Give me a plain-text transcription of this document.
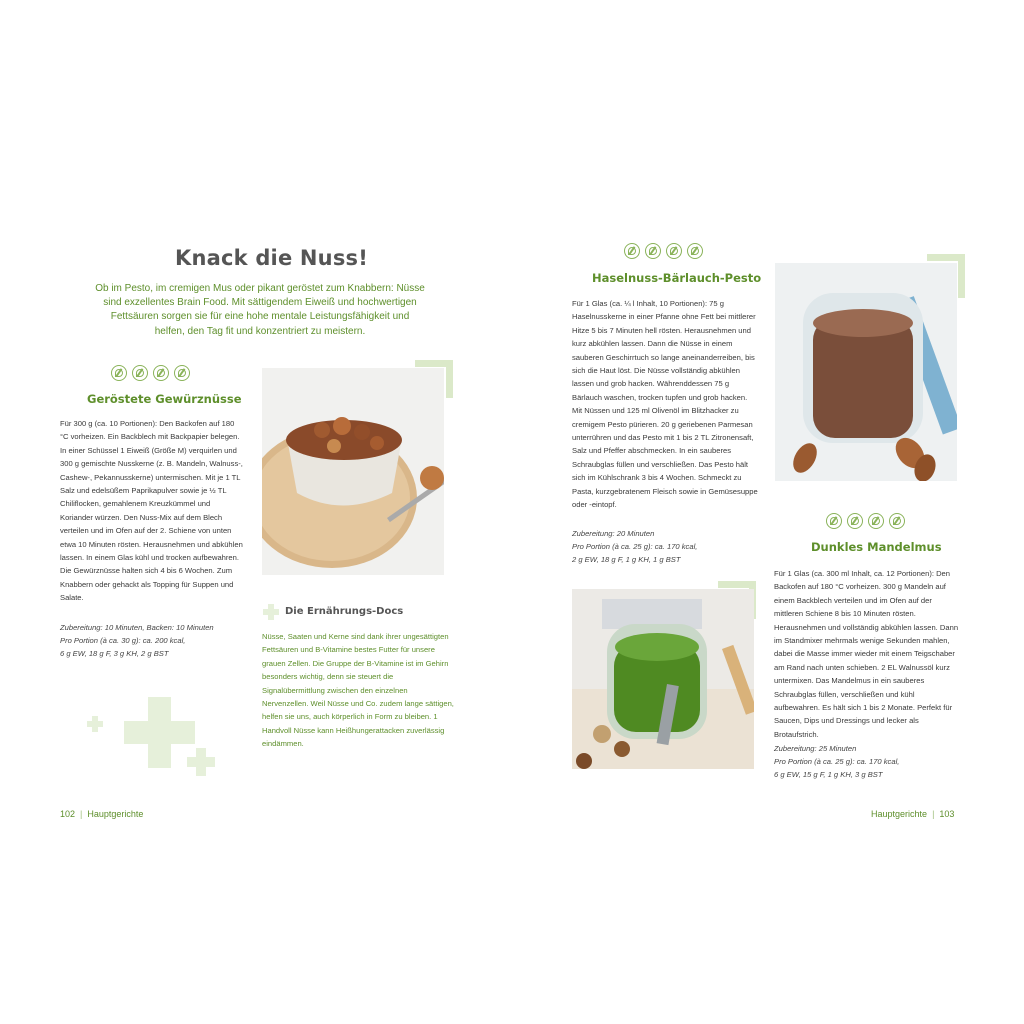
Knack die Nuss!
Ob im Pesto, im cremigen Mus oder pikant geröstet zum Knabbern: Nüsse sind exzellentes Brain Food. Mit sättigendem Eiweiß und hochwertigen Fettsäuren sorgen sie für eine hohe mentale Leistungsfähigkeit und helfen, den Tag fit und konzentriert zu meistern.
Geröstete Gewürznüsse
Für 300 g (ca. 10 Portionen): Den Backofen auf 180 °C vorheizen. Ein Backblech mit Backpapier belegen. In einer Schüssel 1 Eiweiß (Größe M) verquirlen und 300 g gemischte Nusskerne (z. B. Mandeln, Walnuss-, Cashew-, Pekannusskerne) untermischen. Mit je 1 TL Salz und edelsüßem Paprikapulver sowie je ½ TL Chiliflocken, gemahlenem Kreuzkümmel und Koriander würzen. Den Nuss-Mix auf dem Blech verteilen und im Ofen auf der 2. Schiene von unten etwa 10 Minuten rösten. Herausnehmen und abkühlen lassen. In einem Glas kühl und trocken aufbewahren. Die Gewürznüsse halten sich 4 bis 6 Wochen. Zum Knabbern oder gehackt als Topping für Suppen und Salate.
Zubereitung: 10 Minuten, Backen: 10 Minuten
Pro Portion (à ca. 30 g): ca. 200 kcal,
6 g EW, 18 g F, 3 g KH, 2 g BST
Die Ernährungs-Docs
Nüsse, Saaten und Kerne sind dank ihrer ungesättigten Fettsäuren und B-Vitamine bestes Futter für unsere grauen Zellen. Die Gruppe der B-Vitamine ist im Gehirn besonders wichtig, denn sie steuert die Signalübermittlung zwischen den einzelnen Nervenzellen. Weil Nüsse und Co. zudem lange sättigen, helfen sie uns, auch körperlich in Form zu bleiben. 1 Handvoll Nüsse kann Heißhungerattacken zuverlässig eindämmen.
Haselnuss-Bärlauch-Pesto
Für 1 Glas (ca. ¼ l Inhalt, 10 Portionen): 75 g Haselnusskerne in einer Pfanne ohne Fett bei mittlerer Hitze 5 bis 7 Minuten hell rösten. Herausnehmen und kurz abkühlen lassen. Dann die Nüsse in einem sauberen Geschirrtuch so lange aneinanderreiben, bis sich die Haut löst. Die Nüsse vollständig abkühlen lassen und grob hacken. Währenddessen 75 g Bärlauch waschen, trocken tupfen und grob hacken. Mit Nüssen und 125 ml Olivenöl im Blitzhacker zu cremigem Pesto pürieren. 20 g geriebenen Parmesan unterrühren und das Pesto mit 1 bis 2 TL Zitronensaft, Salz und Pfeffer abschmecken. In ein sauberes Schraubglas füllen und verschließen. Das Pesto hält sich im Kühlschrank 3 bis 4 Wochen. Schmeckt zu Pasta, kurzgebratenem Fleisch sowie in Gemüsesuppe oder -eintopf.
Zubereitung: 20 Minuten
Pro Portion (à ca. 25 g): ca. 170 kcal,
2 g EW, 18 g F, 1 g KH, 1 g BST
Dunkles Mandelmus
Für 1 Glas (ca. 300 ml Inhalt, ca. 12 Portionen): Den Backofen auf 180 °C vorheizen. 300 g Mandeln auf einem Backblech verteilen und im Ofen auf der mittleren Schiene 8 bis 10 Minuten rösten. Herausnehmen und vollständig abkühlen lassen. Dann im Standmixer mehrmals wenige Sekunden mahlen, dabei die Masse immer wieder mit einem Teigschaber am Rand nach unten schieben. 2 EL Walnussöl kurz untermixen. Das Mandelmus in ein sauberes Schraubglas füllen, verschließen und kühl aufbewahren. Es hält sich 1 bis 2 Monate. Perfekt für Saucen, Dips und Dressings und lecker als Brotaufstrich.
Zubereitung: 25 Minuten
Pro Portion (à ca. 25 g): ca. 170 kcal,
6 g EW, 15 g F, 1 g KH, 3 g BST
102  |  Hauptgerichte	Hauptgerichte  |  103
